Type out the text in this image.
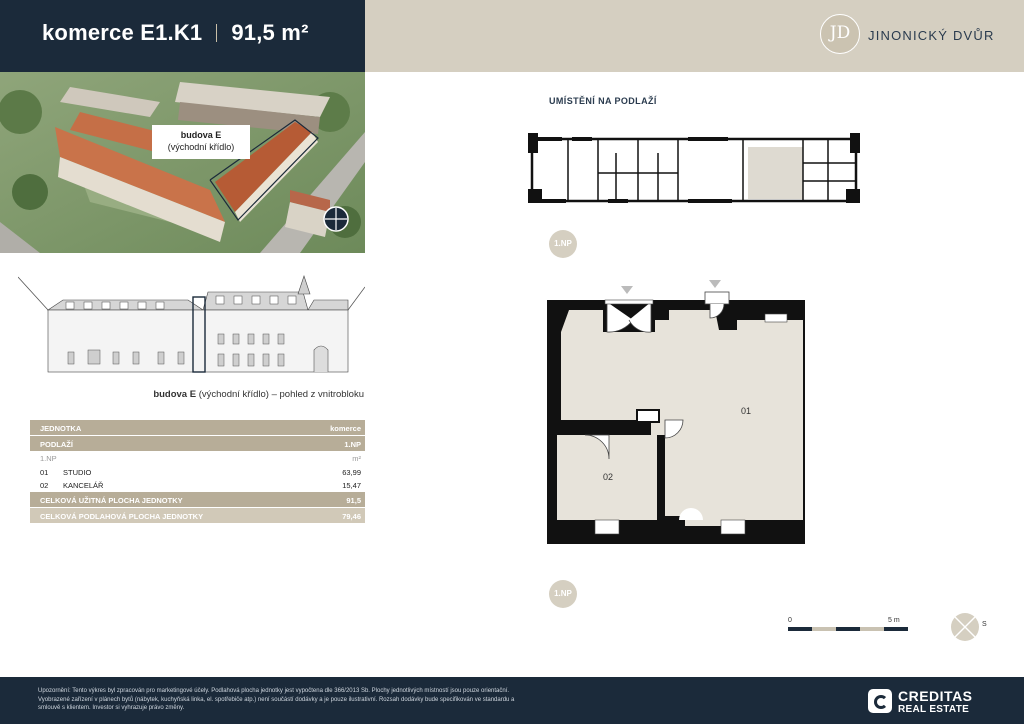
komerce E1.K1 91,5 m²	JD	JINONICKÝ DVŮR
budova E
(východní křídlo)
budova E (východní křídlo) – pohled z vnitrobloku
JEDNOTKA	komerce
PODLAŽÍ	1.NP
1.NP	m²
01 STUDIO	63,99
02 KANCELÁŘ	15,47
CELKOVÁ UŽITNÁ PLOCHA JEDNOTKY	91,5
CELKOVÁ PODLAHOVÁ PLOCHA JEDNOTKY	79,46
UMÍSTĚNÍ NA PODLAŽÍ
1.NP
01
02
1.NP
0	5 m
S
Upozornění: Tento výkres byl zpracován pro marketingové účely. Podlahová plocha jednotky jest vypočtena dle 366/2013 Sb. Plochy jednotlivých místností jsou pouze orientační. Vyobrazené zařízení v plánech bytů (nábytek, kuchyňská linka, el. spotřebiče atp.) není součástí dodávky a je pouze ilustrativní. Rozsah dodávky bude specifikován ve standardu a smlouvě s klientem. Investor si vyhrazuje právo změny.
CREDITAS
REAL ESTATE
